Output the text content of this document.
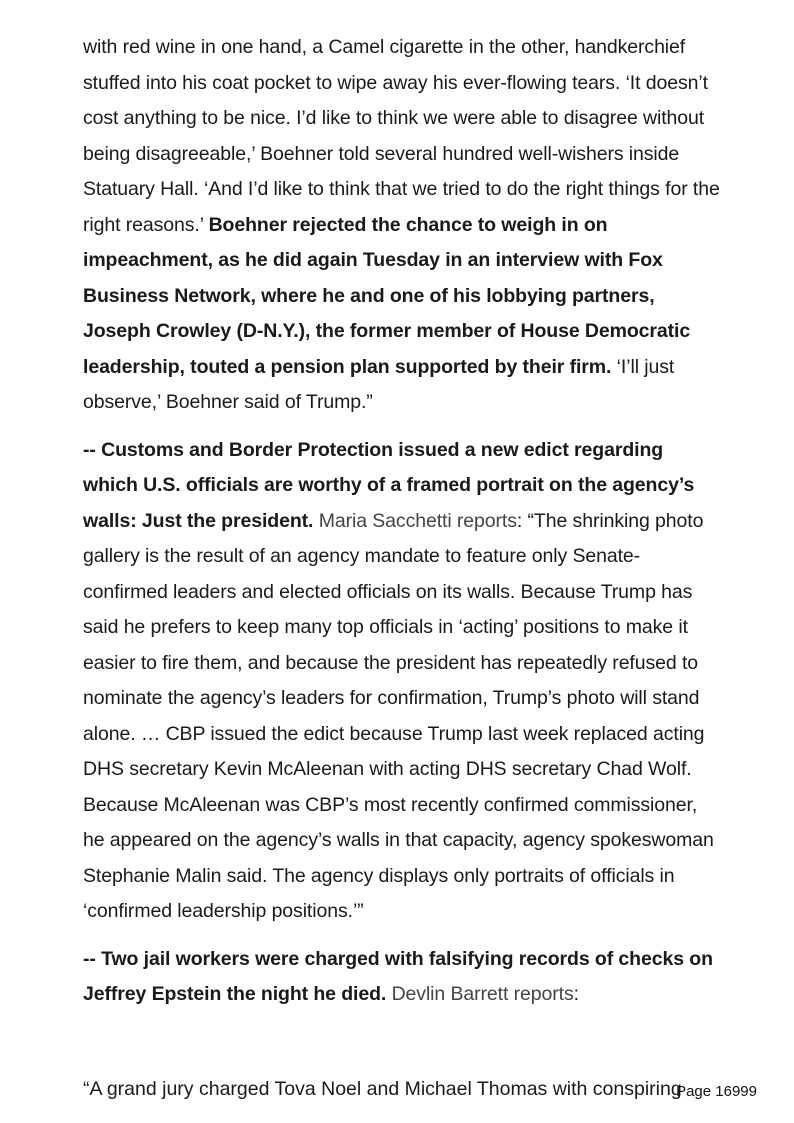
with red wine in one hand, a Camel cigarette in the other, handkerchief stuffed into his coat pocket to wipe away his ever-flowing tears. ‘It doesn’t cost anything to be nice. I’d like to think we were able to disagree without being disagreeable,’ Boehner told several hundred well-wishers inside Statuary Hall. ‘And I’d like to think that we tried to do the right things for the right reasons.’ Boehner rejected the chance to weigh in on impeachment, as he did again Tuesday in an interview with Fox Business Network, where he and one of his lobbying partners, Joseph Crowley (D-N.Y.), the former member of House Democratic leadership, touted a pension plan supported by their firm. ‘I’ll just observe,’ Boehner said of Trump.”

-- Customs and Border Protection issued a new edict regarding which U.S. officials are worthy of a framed portrait on the agency’s walls: Just the president. Maria Sacchetti reports: “The shrinking photo gallery is the result of an agency mandate to feature only Senate-confirmed leaders and elected officials on its walls. Because Trump has said he prefers to keep many top officials in ‘acting’ positions to make it easier to fire them, and because the president has repeatedly refused to nominate the agency’s leaders for confirmation, Trump’s photo will stand alone. … CBP issued the edict because Trump last week replaced acting DHS secretary Kevin McAleenan with acting DHS secretary Chad Wolf. Because McAleenan was CBP’s most recently confirmed commissioner, he appeared on the agency’s walls in that capacity, agency spokeswoman Stephanie Malin said. The agency displays only portraits of officials in ‘confirmed leadership positions.’”

-- Two jail workers were charged with falsifying records of checks on Jeffrey Epstein the night he died. Devlin Barrett reports:

“A grand jury charged Tova Noel and Michael Thomas with conspiring
Page 16999
